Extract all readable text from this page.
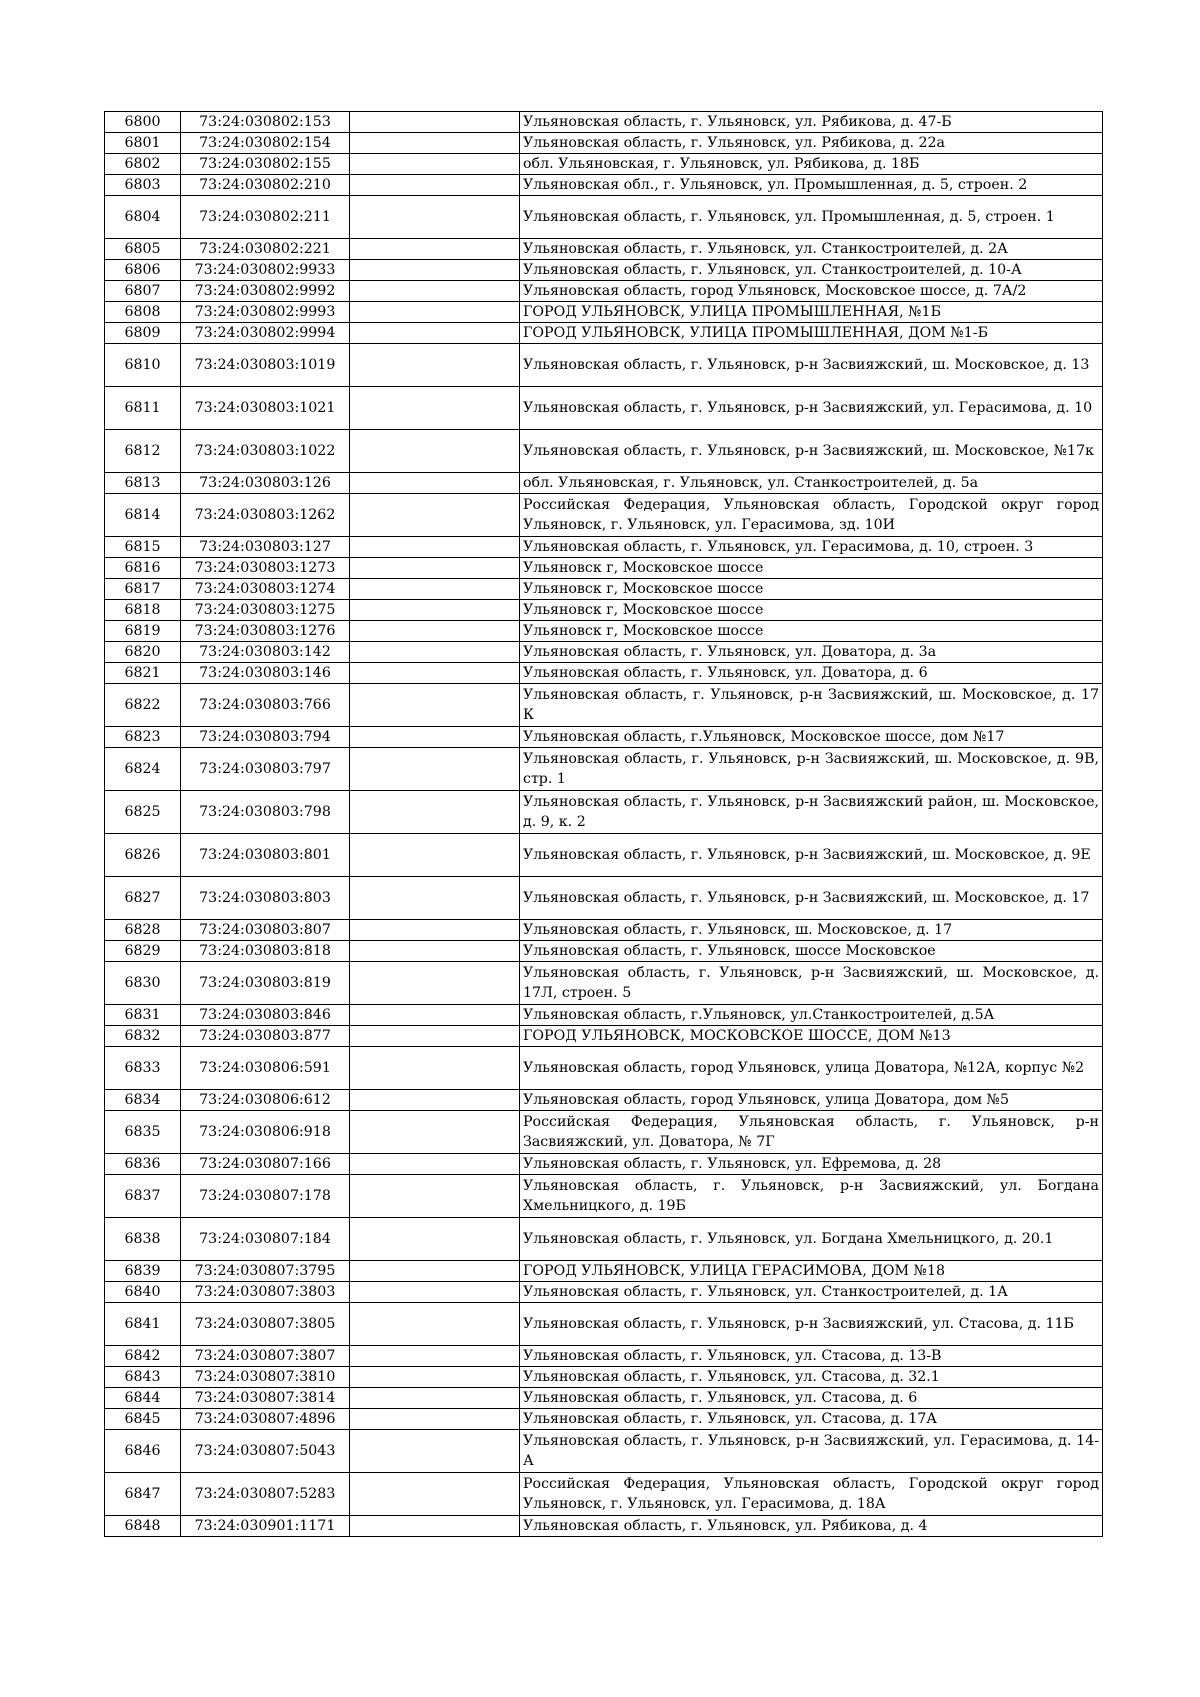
6800	73:24:030802:153		Ульяновская область, г. Ульяновск, ул. Рябикова, д. 47-Б
6801	73:24:030802:154		Ульяновская область, г. Ульяновск, ул. Рябикова, д. 22а
6802	73:24:030802:155		обл. Ульяновская, г. Ульяновск, ул. Рябикова, д. 18Б
6803	73:24:030802:210		Ульяновская обл., г. Ульяновск, ул. Промышленная, д. 5, строен. 2
6804	73:24:030802:211		Ульяновская область, г. Ульяновск, ул. Промышленная, д. 5, строен. 1
6805	73:24:030802:221		Ульяновская область, г. Ульяновск, ул. Станкостроителей, д. 2А
6806	73:24:030802:9933		Ульяновская область, г. Ульяновск, ул. Станкостроителей, д. 10-А
6807	73:24:030802:9992		Ульяновская область, город Ульяновск, Московское шоссе, д. 7А/2
6808	73:24:030802:9993		ГОРОД УЛЬЯНОВСК, УЛИЦА ПРОМЫШЛЕННАЯ, №1Б
6809	73:24:030802:9994		ГОРОД УЛЬЯНОВСК, УЛИЦА ПРОМЫШЛЕННАЯ, ДОМ №1-Б
6810	73:24:030803:1019		Ульяновская область, г. Ульяновск, р-н Засвияжский, ш. Московское, д. 13
6811	73:24:030803:1021		Ульяновская область, г. Ульяновск, р-н Засвияжский, ул. Герасимова, д. 10
6812	73:24:030803:1022		Ульяновская область, г. Ульяновск, р-н Засвияжский, ш. Московское, №17к
6813	73:24:030803:126		обл. Ульяновская, г. Ульяновск, ул. Станкостроителей, д. 5а
6814	73:24:030803:1262		Российская Федерация, Ульяновская область, Городской округ город Ульяновск, г. Ульяновск, ул. Герасимова, зд. 10И
6815	73:24:030803:127		Ульяновская область, г. Ульяновск, ул. Герасимова, д. 10, строен. 3
6816	73:24:030803:1273		Ульяновск г, Московское шоссе
6817	73:24:030803:1274		Ульяновск г, Московское шоссе
6818	73:24:030803:1275		Ульяновск г, Московское шоссе
6819	73:24:030803:1276		Ульяновск г, Московское шоссе
6820	73:24:030803:142		Ульяновская область, г. Ульяновск, ул. Доватора, д. 3а
6821	73:24:030803:146		Ульяновская область, г. Ульяновск, ул. Доватора, д. 6
6822	73:24:030803:766		Ульяновская область, г. Ульяновск, р-н Засвияжский, ш. Московское, д. 17 К
6823	73:24:030803:794		Ульяновская область, г.Ульяновск, Московское шоссе, дом №17
6824	73:24:030803:797		Ульяновская область, г. Ульяновск, р-н Засвияжский, ш. Московское, д. 9В, стр. 1
6825	73:24:030803:798		Ульяновская область, г. Ульяновск, р-н Засвияжский район, ш. Московское, д. 9, к. 2
6826	73:24:030803:801		Ульяновская область, г. Ульяновск, р-н Засвияжский, ш. Московское, д. 9Е
6827	73:24:030803:803		Ульяновская область, г. Ульяновск, р-н Засвияжский, ш. Московское, д. 17
6828	73:24:030803:807		Ульяновская область, г. Ульяновск, ш. Московское, д. 17
6829	73:24:030803:818		Ульяновская область, г. Ульяновск, шоссе Московское
6830	73:24:030803:819		Ульяновская область, г. Ульяновск, р-н Засвияжский, ш. Московское, д. 17Л, строен. 5
6831	73:24:030803:846		Ульяновская область, г.Ульяновск, ул.Станкостроителей, д.5А
6832	73:24:030803:877		ГОРОД УЛЬЯНОВСК, МОСКОВСКОЕ ШОССЕ, ДОМ №13
6833	73:24:030806:591		Ульяновская область, город Ульяновск, улица Доватора, №12А, корпус №2
6834	73:24:030806:612		Ульяновская область, город Ульяновск, улица Доватора, дом №5
6835	73:24:030806:918		Российская Федерация, Ульяновская область, г. Ульяновск, р-н Засвияжский, ул. Доватора, № 7Г
6836	73:24:030807:166		Ульяновская область, г. Ульяновск, ул. Ефремова, д. 28
6837	73:24:030807:178		Ульяновская область, г. Ульяновск, р-н Засвияжский, ул. Богдана Хмельницкого, д. 19Б
6838	73:24:030807:184		Ульяновская область, г. Ульяновск, ул. Богдана Хмельницкого, д. 20.1
6839	73:24:030807:3795		ГОРОД УЛЬЯНОВСК, УЛИЦА ГЕРАСИМОВА, ДОМ №18
6840	73:24:030807:3803		Ульяновская область, г. Ульяновск, ул. Станкостроителей, д. 1А
6841	73:24:030807:3805		Ульяновская область, г. Ульяновск, р-н Засвияжский, ул. Стасова, д. 11Б
6842	73:24:030807:3807		Ульяновская область, г. Ульяновск, ул. Стасова, д. 13-В
6843	73:24:030807:3810		Ульяновская область, г. Ульяновск, ул. Стасова, д. 32.1
6844	73:24:030807:3814		Ульяновская область, г. Ульяновск, ул. Стасова, д. 6
6845	73:24:030807:4896		Ульяновская область, г. Ульяновск, ул. Стасова, д. 17А
6846	73:24:030807:5043		Ульяновская область, г. Ульяновск, р-н Засвияжский, ул. Герасимова, д. 14-А
6847	73:24:030807:5283		Российская Федерация, Ульяновская область, Городской округ город Ульяновск, г. Ульяновск, ул. Герасимова, д. 18А
6848	73:24:030901:1171		Ульяновская область, г. Ульяновск, ул. Рябикова, д. 4
